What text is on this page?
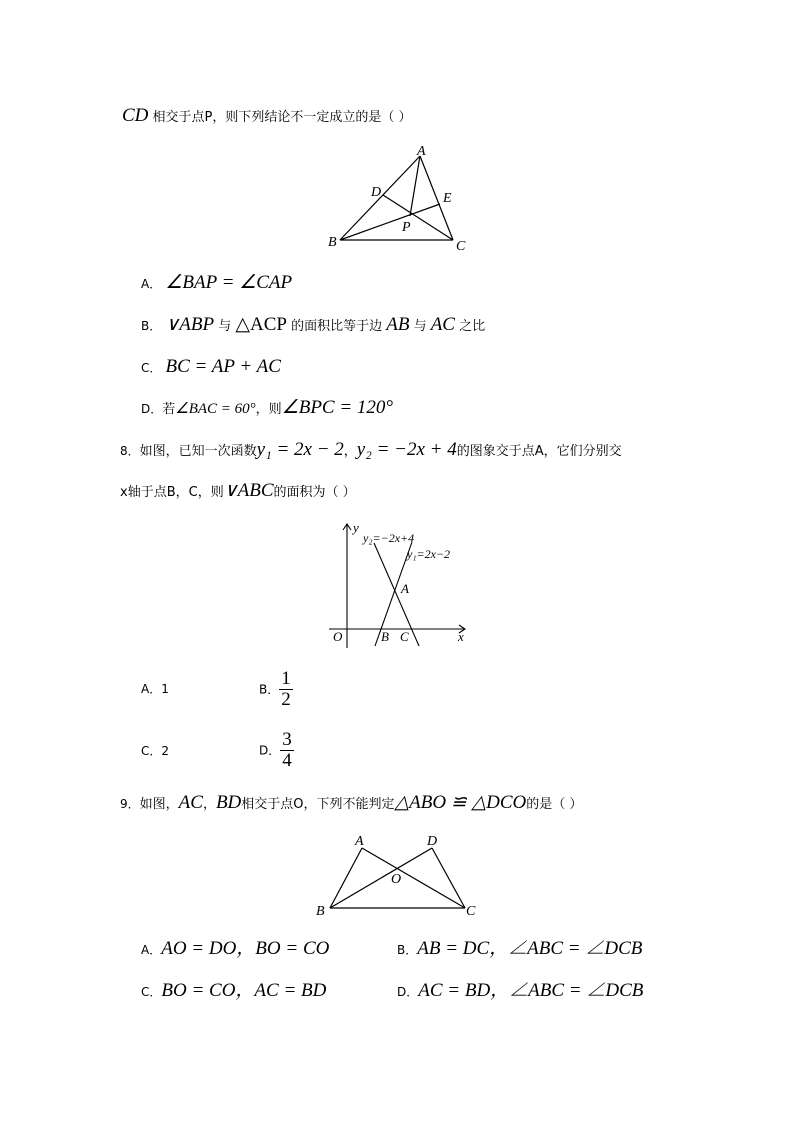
CD 相交于点P，则下列结论不一定成立的是（ ）
A
B	C
D	E
P
A． ∠BAP = ∠CAP
B． ∨ABP 与 △ACP 的面积比等于边 AB 与 AC 之比
C． BC = AP + AC
D．若∠BAC = 60°，则∠BPC = 120°
8．如图，已知一次函数y₁ = 2x − 2，y₂ = −2x + 4的图象交于点A，它们分别交
x轴于点B，C，则∨ABC的面积为（ ）
y
y₂=−2x+4
y₁=2x−2
A
O	B C	x
A．1	B． $\frac{1}{2}$
C．2	D． $\frac{3}{4}$
9．如图，AC，BD相交于点O，下列不能判定△ABO ≌ △DCO的是（ ）
A	D
O
B	C
A．AO = DO，BO = CO	B．AB = DC，∠ABC = ∠DCB
C．BO = CO，AC = BD	D．AC = BD，∠ABC = ∠DCB
